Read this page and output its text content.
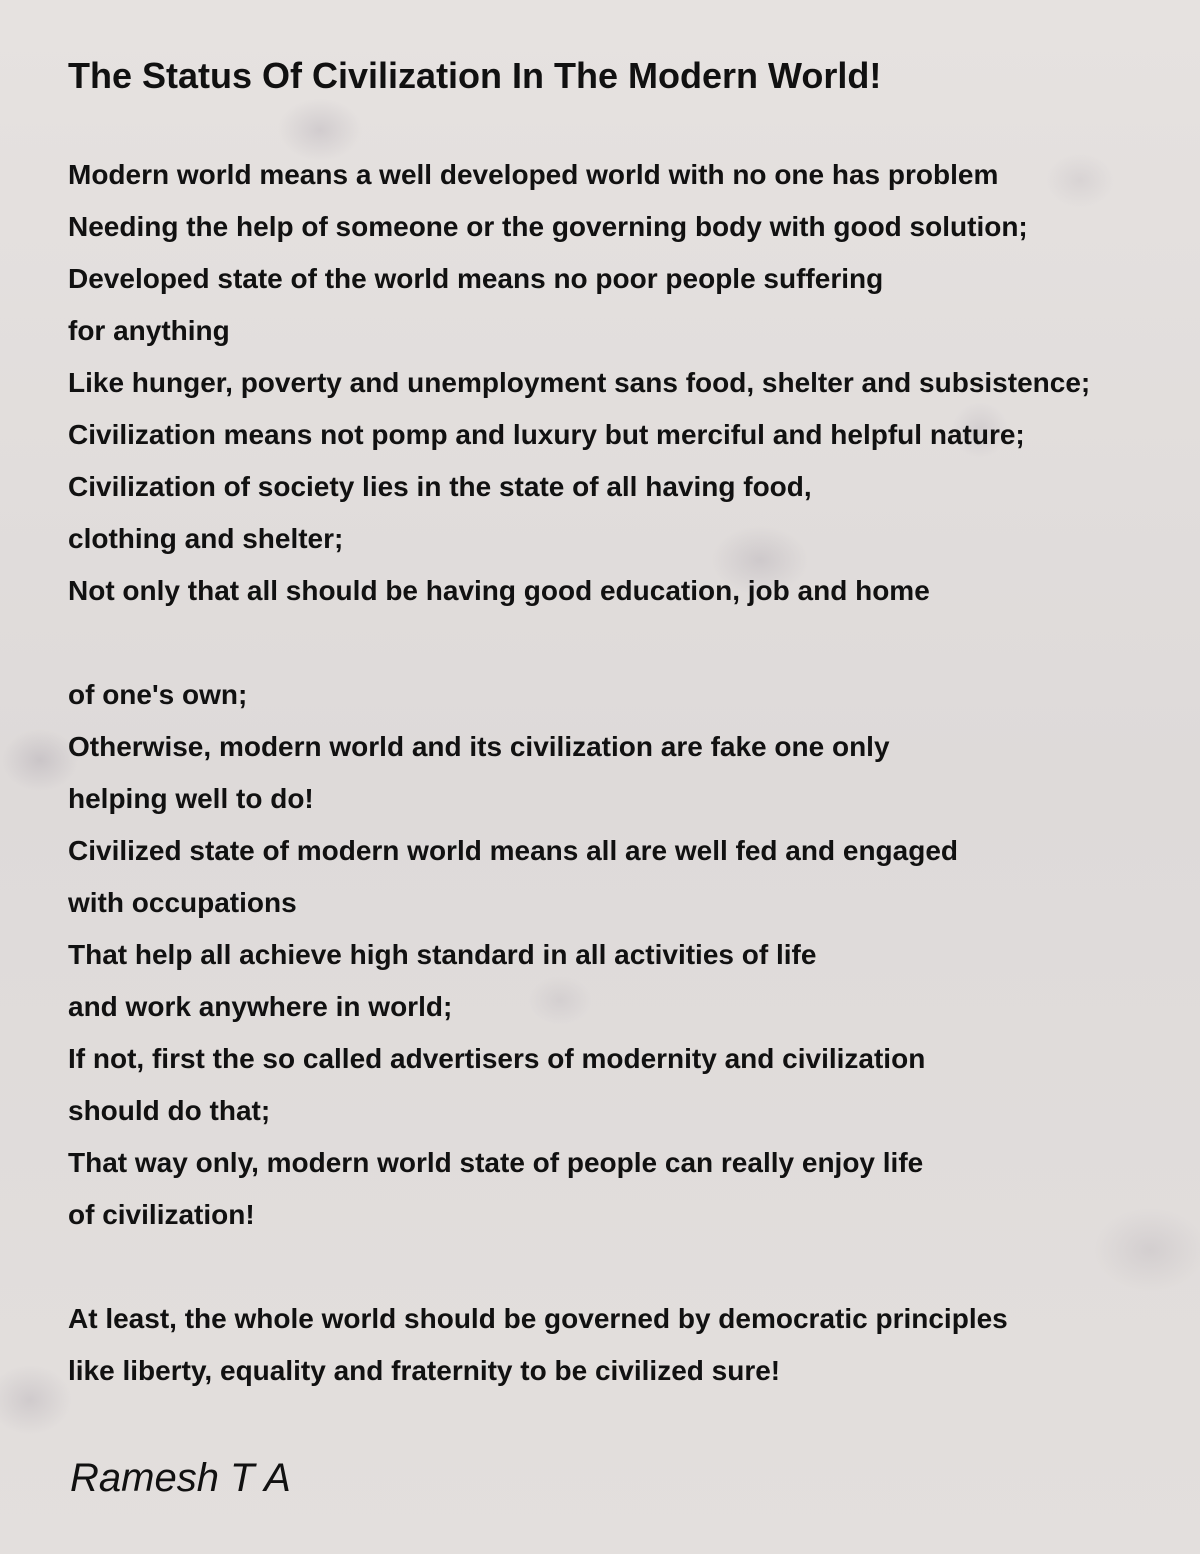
The Status Of Civilization In The Modern World!
Modern world means a well developed world with no one has problem
Needing the help of someone or the governing body with good solution;
Developed state of the world means no poor people suffering
for anything
Like hunger, poverty and unemployment sans food, shelter and subsistence;
Civilization means not pomp and luxury but merciful and helpful nature;
Civilization of society lies in the state of all having food,
clothing and shelter;
Not only that all should be having good education, job and home
of one's own;
Otherwise, modern world and its civilization are fake one only
helping well to do!
Civilized state of modern world means all are well fed and engaged
with occupations
That help all achieve high standard in all activities of life
and work anywhere in world;
If not, first the so called advertisers of modernity and civilization
should do that;
That way only, modern world state of people can really enjoy life
of civilization!
At least, the whole world should be governed by democratic principles
like liberty, equality and fraternity to be civilized sure!
Ramesh T A
